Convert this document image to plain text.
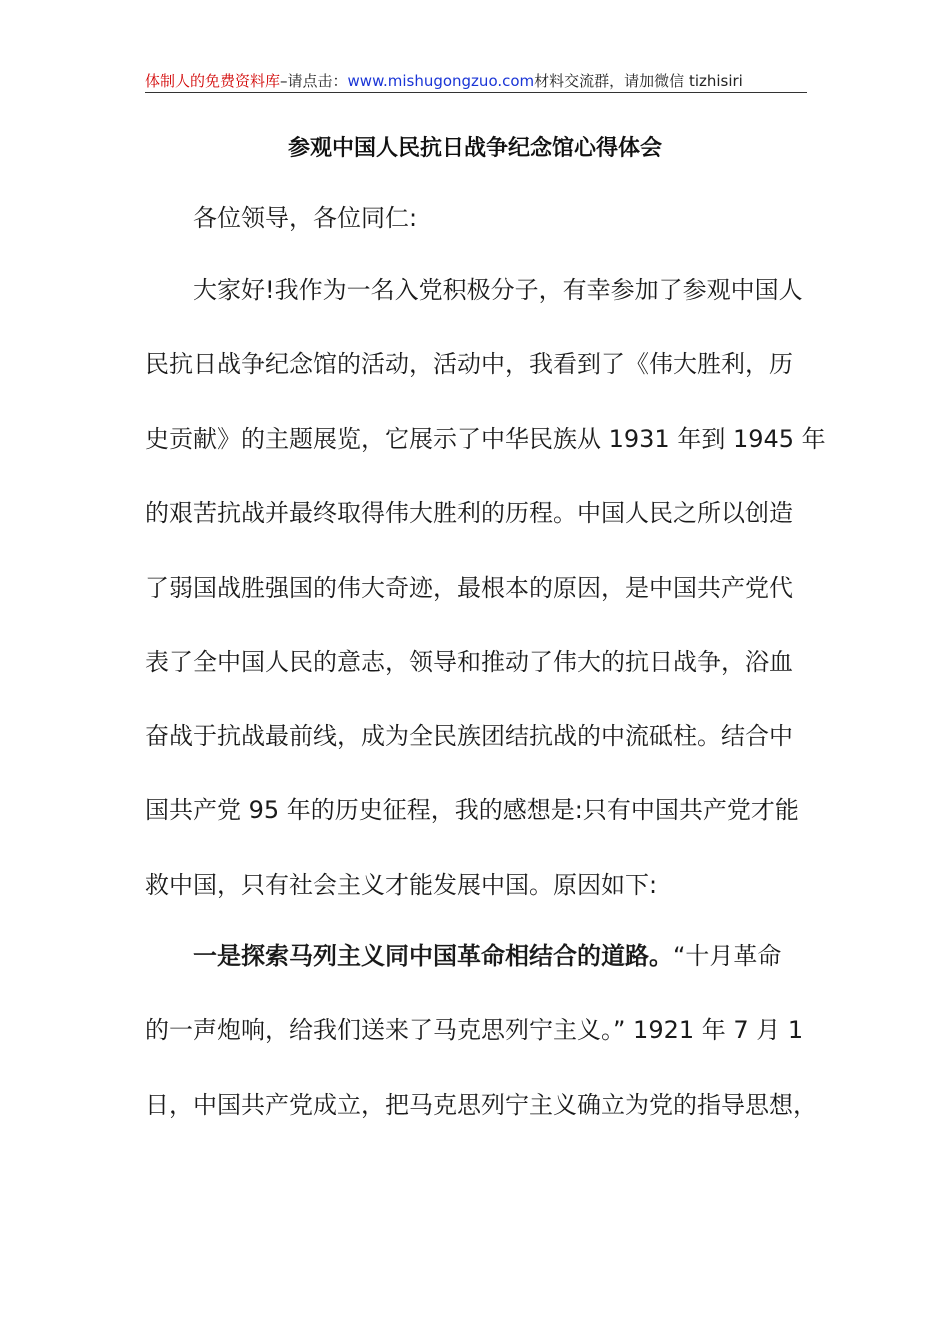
体制人的免费资料库–请点击：www.mishugongzuo.com材料交流群，请加微信 tizhisiri
参观中国人民抗日战争纪念馆心得体会
各位领导，各位同仁:
大家好!我作为一名入党积极分子，有幸参加了参观中国人
民抗日战争纪念馆的活动，活动中，我看到了《伟大胜利，历
史贡献》的主题展览，它展示了中华民族从 1931 年到 1945 年
的艰苦抗战并最终取得伟大胜利的历程。中国人民之所以创造
了弱国战胜强国的伟大奇迹，最根本的原因，是中国共产党代
表了全中国人民的意志，领导和推动了伟大的抗日战争，浴血
奋战于抗战最前线，成为全民族团结抗战的中流砥柱。结合中
国共产党 95 年的历史征程，我的感想是:只有中国共产党才能
救中国，只有社会主义才能发展中国。原因如下:
一是探索马列主义同中国革命相结合的道路。“十月革命
的一声炮响，给我们送来了马克思列宁主义。” 1921 年 7 月 1
日，中国共产党成立，把马克思列宁主义确立为党的指导思想，
